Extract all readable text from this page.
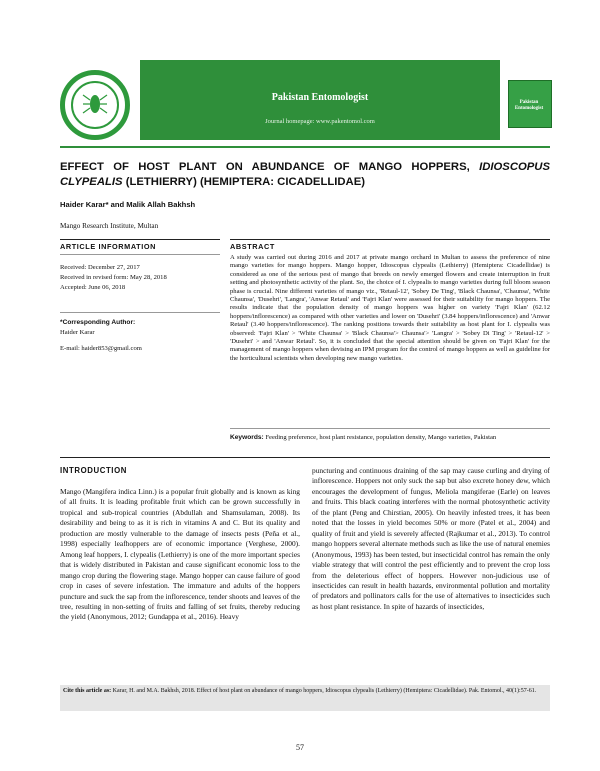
Pakistan Entomologist
Journal homepage: www.pakentomol.com
Pakistan Entomologist
EFFECT OF HOST PLANT ON ABUNDANCE OF MANGO HOPPERS, IDIOSCOPUS CLYPEALIS (LETHIERRY) (HEMIPTERA: CICADELLIDAE)
Haider Karar* and Malik Allah Bakhsh
Mango Research Institute, Multan
ARTICLE INFORMATION
Received: December 27, 2017
Received in revised form: May 28, 2018
Accepted: June 06, 2018
*Corresponding Author:
Haider Karar
E-mail: haider853@gmail.com
ABSTRACT
A study was carried out during 2016 and 2017 at private mango orchard in Multan to assess the preference of nine mango varieties for mango hoppers. Mango hopper, Idioscopus clypealis (Lethierry) (Hemiptera: Cicadellidae) is considered as one of the serious pest of mango that breeds on newly emerged flowers and create interruption in fruit setting and photosynthetic activity of the plant. So, the choice of I. clypealis to mango varieties during full bloom season phase is crucial. Nine different varieties of mango viz., 'Retaul-12', 'Sobey De Ting', 'Black Chaunsa', 'Chaunsa', 'White Chaunsa', 'Dusehri', 'Langra', 'Anwar Retaul' and 'Fajri Klan' were assessed for their suitability for mango hoppers. The results indicate that the population density of mango hoppers was higher on variety 'Fajri Klan' (62.12 hoppers/inflorescence) as compared with other varieties and lower on 'Dusehri' (3.84 hoppers/inflorescence) and 'Anwar Retaul' (3.40 hoppers/inflorescence). The ranking positions towards their suitability as host plant for I. clypealis was observed: 'Fajri Klan' > 'White Chaunsa' > 'Black Chaunsa'> Chaunsa'> 'Langra' > 'Sobey Di Ting' > 'Retaul-12' > 'Dusehri' > and 'Anwar Retaul'. So, it is concluded that the special attention should be given on 'Fajri Klan' for the management of mango hoppers when devising an IPM program for the control of mango hoppers as well as guideline for the horticultural scientists when developing new mango varieties.
Keywords: Feeding preference, host plant resistance, population density, Mango varieties, Pakistan
INTRODUCTION
Mango (Mangifera indica Linn.) is a popular fruit globally and is known as king of all fruits. It is leading profitable fruit which can be grown successfully in tropical and sub-tropical countries (Abdullah and Shamsulaman, 2008). Its desirability and being to as it is rich in vitamins A and C. But its quality and production are mostly vulnerable to the damage of insects pests (Peña et al., 1998) especially leafhoppers are of economic importance (Verghese, 2000). Among leaf hoppers, I. clypealis (Lethierry) is one of the more important species that is widely distributed in Pakistan and cause significant economic loss to the mango crop during the flowering stage. Mango hopper can cause failure of good crop in cases of severe infestation. The immature and adults of the hoppers puncture and suck the sap from the inflorescence, tender shoots and leaves of the tree, resulting in non-setting of fruits and falling of set fruits, thereby reducing the yield (Anonymous, 2012; Gundappa et al., 2016). Heavy
puncturing and continuous draining of the sap may cause curling and drying of inflorescence. Hoppers not only suck the sap but also excrete honey dew, which encourages the development of fungus, Meliola mangiferae (Earle) on leaves and fruits. This black coating interferes with the normal photosynthetic activity of the plant (Peng and Chirstian, 2005). On heavily infested trees, it has been noted that the losses in yield becomes 50% or more (Patel et al., 2004) and quality of fruit and yield is severely affected (Rajkumar et al., 2013). To control mango hoppers several alternate methods such as like the use of natural enemies (Anonymous, 1993) has been tested, but insecticidal control has remain the only viable strategy that will control the pest efficiently and to prevent the crop loss from the deleterious effect of hoppers. However non-judicious use of insecticides can result in health hazards, environmental pollution and mortality of predators and pollinators calls for the use of alternatives to insecticides such as host plant resistance. In spite of hazards of insecticides,
Cite this article as: Karar, H. and M.A. Bakhsh, 2018. Effect of host plant on abundance of mango hoppers, Idioscopus clypealis (Lethierry) (Hemiptera: Cicadellidae). Pak. Entomol., 40(1):57-61.
57
